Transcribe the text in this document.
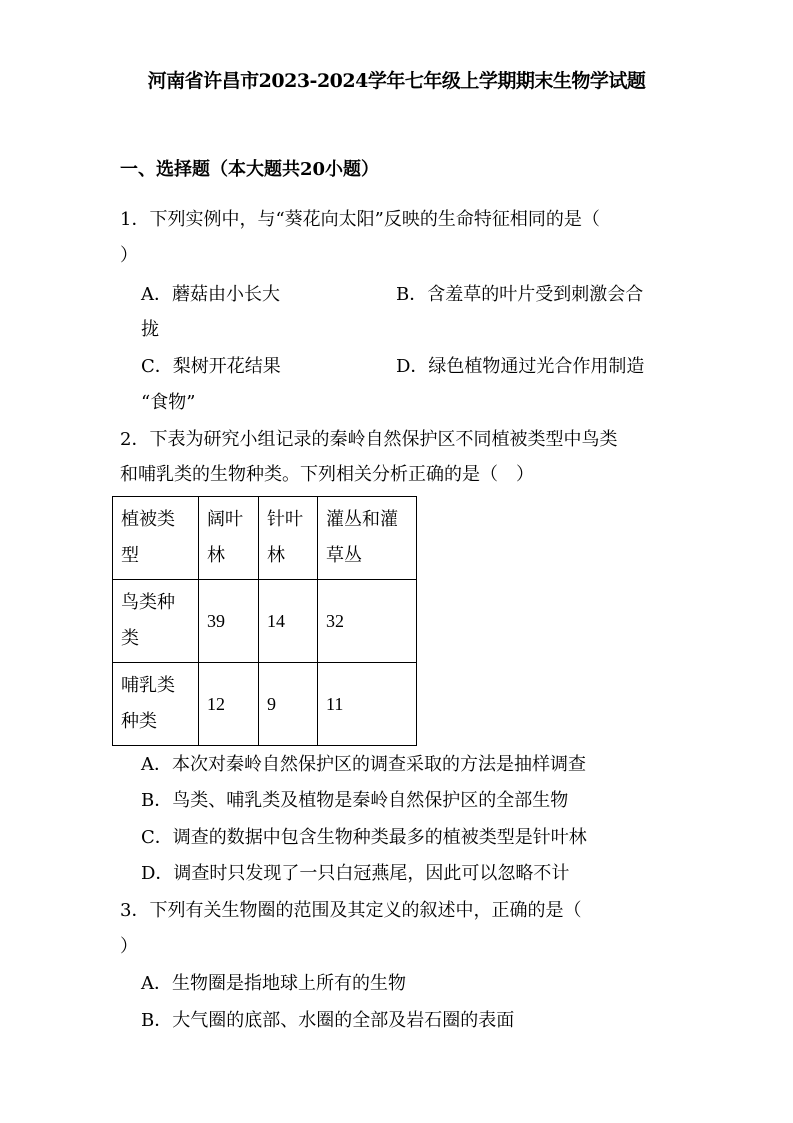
河南省许昌市2023-2024学年七年级上学期期末生物学试题
一、选择题（本大题共20小题）
1．下列实例中，与“葵花向太阳”反映的生命特征相同的是（
）
A．蘑菇由小长大	B．含羞草的叶片受到刺激会合
拢
C．梨树开花结果	D．绿色植物通过光合作用制造
“食物”
2．下表为研究小组记录的秦岭自然保护区不同植被类型中鸟类
和哺乳类的生物种类。下列相关分析正确的是（　）
植被类型	阔叶林	针叶林	灌丛和灌草丛
鸟类种类	39	14	32
哺乳类种类	12	9	11
A．本次对秦岭自然保护区的调查采取的方法是抽样调查
B．鸟类、哺乳类及植物是秦岭自然保护区的全部生物
C．调查的数据中包含生物种类最多的植被类型是针叶林
D．调查时只发现了一只白冠燕尾，因此可以忽略不计
3．下列有关生物圈的范围及其定义的叙述中，正确的是（
）
A．生物圈是指地球上所有的生物
B．大气圈的底部、水圈的全部及岩石圈的表面
